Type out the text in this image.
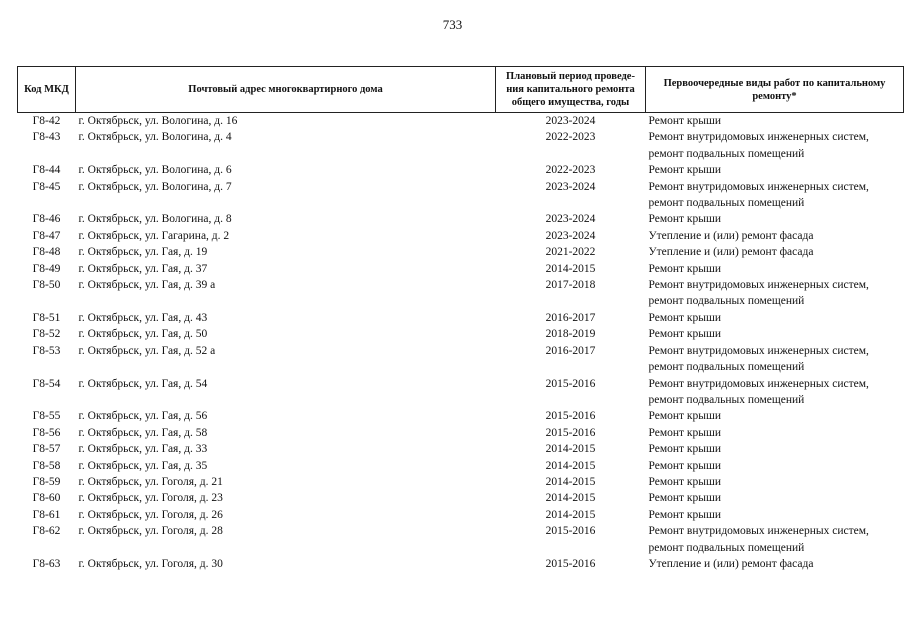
733
Код МКД	Почтовый адрес многоквартирного дома	Плановый период проведе-ния капитального ремонта общего имущества, годы	Первоочередные виды работ по капитальному ремонту*
Г8-42	г. Октябрьск, ул. Вологина, д. 16	2023-2024	Ремонт крыши

Г8-43	г. Октябрьск, ул. Вологина, д. 4	2022-2023	Ремонт внутридомовых инженерных систем,
ремонт подвальных помещений

Г8-44	г. Октябрьск, ул. Вологина, д. 6	2022-2023	Ремонт крыши

Г8-45	г. Октябрьск, ул. Вологина, д. 7	2023-2024	Ремонт внутридомовых инженерных систем,
ремонт подвальных помещений

Г8-46	г. Октябрьск, ул. Вологина, д. 8	2023-2024	Ремонт крыши

Г8-47	г. Октябрьск, ул. Гагарина, д. 2	2023-2024	Утепление и (или) ремонт фасада

Г8-48	г. Октябрьск, ул. Гая, д. 19	2021-2022	Утепление и (или) ремонт фасада

Г8-49	г. Октябрьск, ул. Гая, д. 37	2014-2015	Ремонт крыши

Г8-50	г. Октябрьск, ул. Гая, д. 39 а	2017-2018	Ремонт внутридомовых инженерных систем,
ремонт подвальных помещений

Г8-51	г. Октябрьск, ул. Гая, д. 43	2016-2017	Ремонт крыши

Г8-52	г. Октябрьск, ул. Гая, д. 50	2018-2019	Ремонт крыши

Г8-53	г. Октябрьск, ул. Гая, д. 52 а	2016-2017	Ремонт внутридомовых инженерных систем,
ремонт подвальных помещений

Г8-54	г. Октябрьск, ул. Гая, д. 54	2015-2016	Ремонт внутридомовых инженерных систем,
ремонт подвальных помещений

Г8-55	г. Октябрьск, ул. Гая, д. 56	2015-2016	Ремонт крыши

Г8-56	г. Октябрьск, ул. Гая, д. 58	2015-2016	Ремонт крыши

Г8-57	г. Октябрьск, ул. Гая, д. 33	2014-2015	Ремонт крыши

Г8-58	г. Октябрьск, ул. Гая, д. 35	2014-2015	Ремонт крыши

Г8-59	г. Октябрьск, ул. Гоголя, д. 21	2014-2015	Ремонт крыши

Г8-60	г. Октябрьск, ул. Гоголя, д. 23	2014-2015	Ремонт крыши

Г8-61	г. Октябрьск, ул. Гоголя, д. 26	2014-2015	Ремонт крыши

Г8-62	г. Октябрьск, ул. Гоголя, д. 28	2015-2016	Ремонт внутридомовых инженерных систем,
ремонт подвальных помещений

Г8-63	г. Октябрьск, ул. Гоголя, д. 30	2015-2016	Утепление и (или) ремонт фасада
